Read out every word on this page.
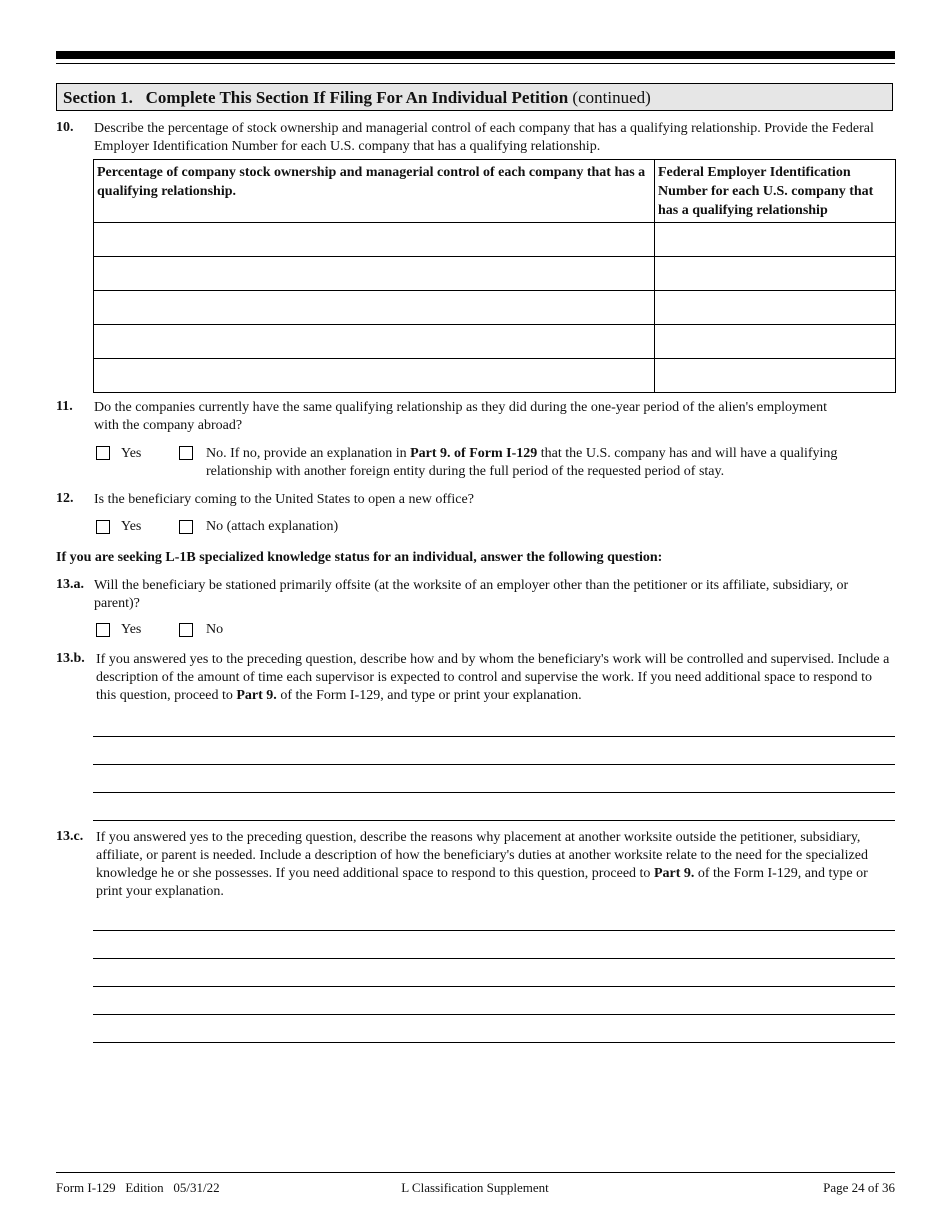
Section 1.   Complete This Section If Filing For An Individual Petition (continued)
10. Describe the percentage of stock ownership and managerial control of each company that has a qualifying relationship. Provide the Federal Employer Identification Number for each U.S. company that has a qualifying relationship.
Percentage of company stock ownership and managerial control of each company that has a qualifying relationship.	Federal Employer Identification Number for each U.S. company that has a qualifying relationship

11. Do the companies currently have the same qualifying relationship as they did during the one-year period of the alien's employment with the company abroad?
Yes	No. If no, provide an explanation in Part 9. of Form I-129 that the U.S. company has and will have a qualifying relationship with another foreign entity during the full period of the requested period of stay.
12. Is the beneficiary coming to the United States to open a new office?
Yes	No (attach explanation)
If you are seeking L-1B specialized knowledge status for an individual, answer the following question:
13.a. Will the beneficiary be stationed primarily offsite (at the worksite of an employer other than the petitioner or its affiliate, subsidiary, or parent)?
Yes	No
13.b. If you answered yes to the preceding question, describe how and by whom the beneficiary's work will be controlled and supervised. Include a description of the amount of time each supervisor is expected to control and supervise the work. If you need additional space to respond to this question, proceed to Part 9. of the Form I-129, and type or print your explanation.
13.c. If you answered yes to the preceding question, describe the reasons why placement at another worksite outside the petitioner, subsidiary, affiliate, or parent is needed. Include a description of how the beneficiary's duties at another worksite relate to the need for the specialized knowledge he or she possesses. If you need additional space to respond to this question, proceed to Part 9. of the Form I-129, and type or print your explanation.
Form I-129   Edition   05/31/22	L Classification Supplement	Page 24 of 36
